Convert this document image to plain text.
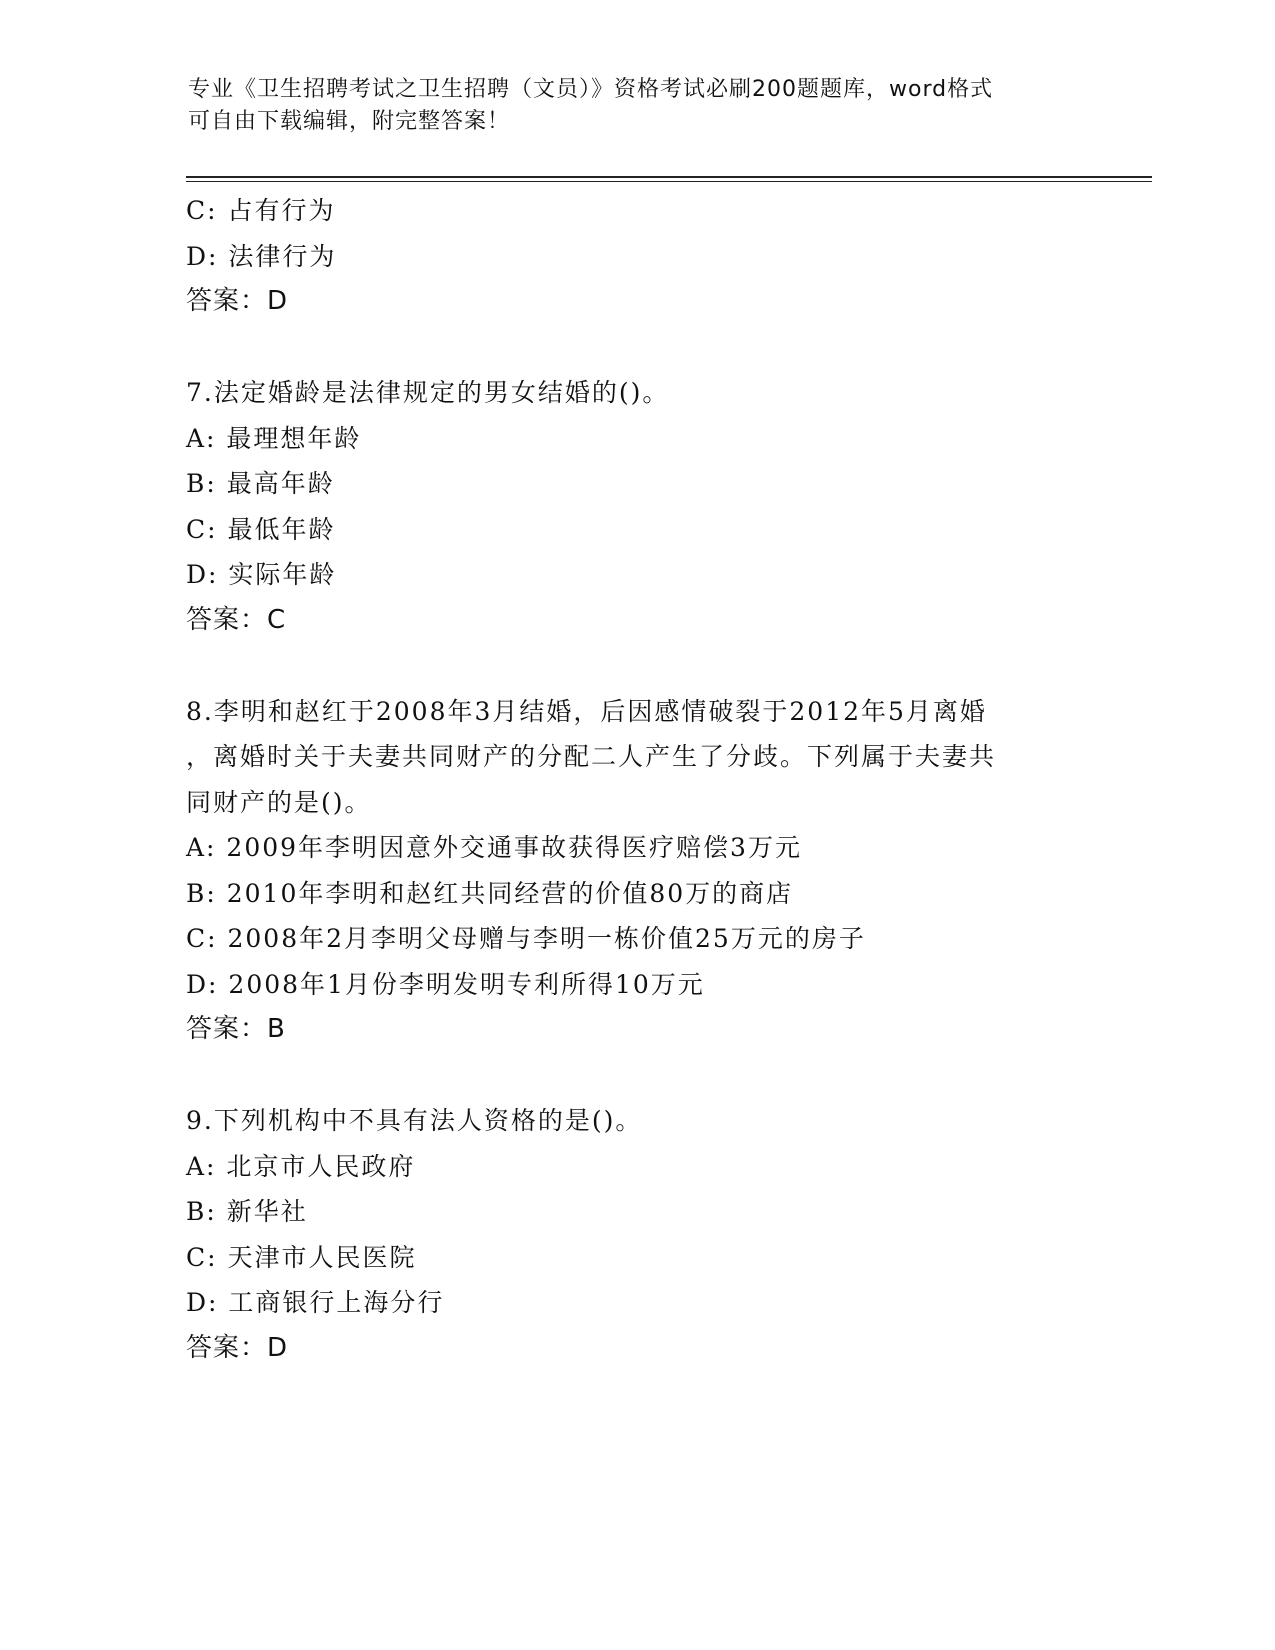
专业《卫生招聘考试之卫生招聘（文员）》资格考试必刷200题题库，word格式
可自由下载编辑，附完整答案！
C: 占有行为
D: 法律行为
答案：D
7.法定婚龄是法律规定的男女结婚的()。
A: 最理想年龄
B: 最高年龄
C: 最低年龄
D: 实际年龄
答案：C
8.李明和赵红于2008年3月结婚，后因感情破裂于2012年5月离婚
，离婚时关于夫妻共同财产的分配二人产生了分歧。下列属于夫妻共
同财产的是()。
A: 2009年李明因意外交通事故获得医疗赔偿3万元
B: 2010年李明和赵红共同经营的价值80万的商店
C: 2008年2月李明父母赠与李明一栋价值25万元的房子
D: 2008年1月份李明发明专利所得10万元
答案：B
9.下列机构中不具有法人资格的是()。
A: 北京市人民政府
B: 新华社
C: 天津市人民医院
D: 工商银行上海分行
答案：D
